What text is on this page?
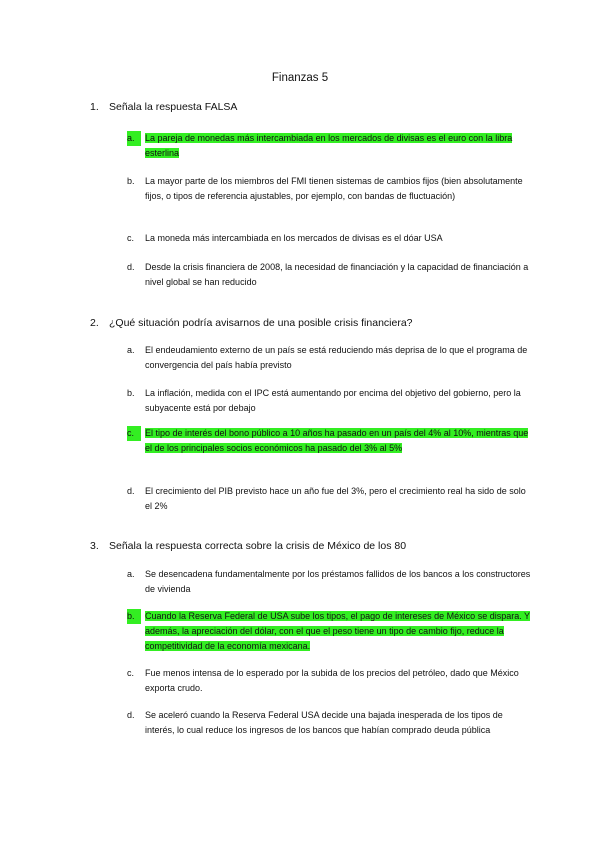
Finanzas 5
1. Señala la respuesta FALSA
a.	La pareja de monedas más intercambiada en los mercados de divisas es el euro con la libra esterlina
b.	La mayor parte de los miembros del FMI tienen sistemas de cambios fijos (bien absolutamente fijos, o tipos de referencia ajustables, por ejemplo, con bandas de fluctuación)
c.	La moneda más intercambiada en los mercados de divisas es el dóar USA
d.	Desde la crisis financiera de 2008, la necesidad de financiación y la capacidad de financiación a nivel global se han reducido
2. ¿Qué situación podría avisarnos de una posible crisis financiera?
a.	El endeudamiento externo de un país se está reduciendo más deprisa de lo que el programa de convergencia del país había previsto
b.	La inflación, medida con el IPC está aumentando por encima del objetivo del gobierno, pero la subyacente está por debajo
c.	El tipo de interés del bono público a 10 años ha pasado en un país del 4% al 10%, mientras que el de los principales socios económicos ha pasado del 3% al 5%
d.	El crecimiento del PIB previsto hace un año fue del 3%, pero el crecimiento real ha sido de solo el 2%
3. Señala la respuesta correcta sobre la crisis de México de los 80
a.	Se desencadena fundamentalmente por los préstamos fallidos de los bancos a los constructores de vivienda
b.	Cuando la Reserva Federal de USA sube los tipos, el pago de intereses de México se dispara. Y además, la apreciación del dólar, con el que el peso tiene un tipo de cambio fijo, reduce la competitividad de la economía mexicana.
c.	Fue menos intensa de lo esperado por la subida de los precios del petróleo, dado que México exporta crudo.
d.	Se aceleró cuando la Reserva Federal USA decide una bajada inesperada de los tipos de interés, lo cual reduce los ingresos de los bancos que habían comprado deuda pública
